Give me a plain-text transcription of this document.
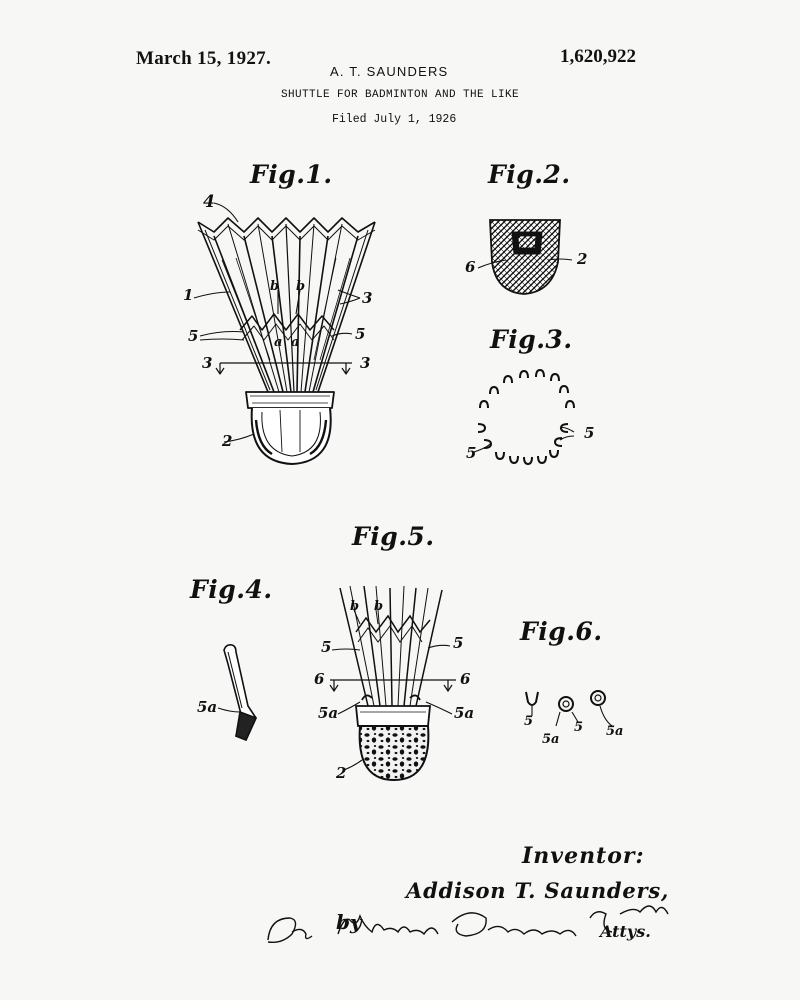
March 15, 1927.
A. T. SAUNDERS
1,620,922
SHUTTLE FOR BADMINTON AND THE LIKE
Filed July 1, 1926
Fig.1.	Fig.2.
Fig.3.
Fig.4.
Fig.5.
Fig.6.
4
1	b b
3
5	a a	5
3	3
2
6	2
5
5
5a
b b
5	5
6	6
5a	5a
2
5
5a
5 5a
Inventor:
Addison T. Saunders,
by	Attys.
